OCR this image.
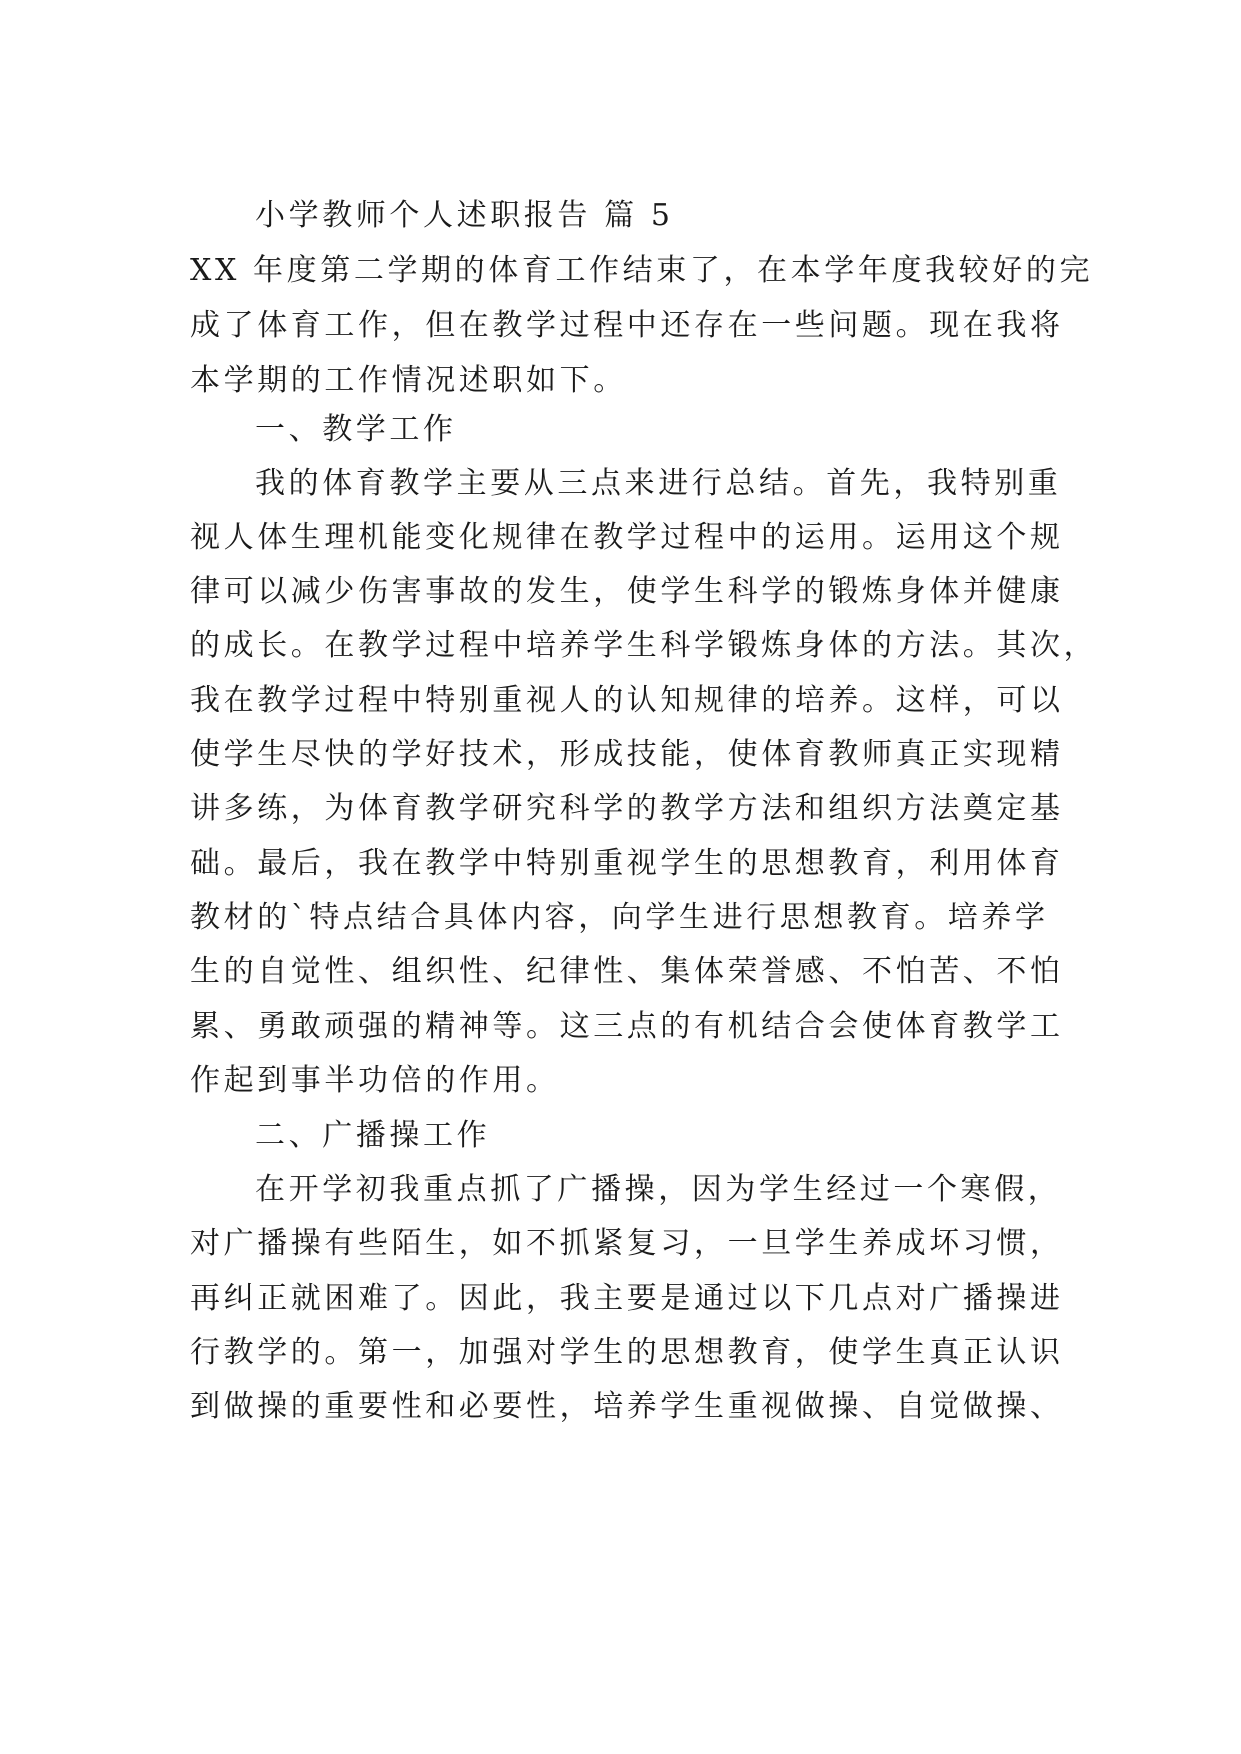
小学教师个人述职报告 篇 5
XX 年度第二学期的体育工作结束了，在本学年度我较好的完
成了体育工作，但在教学过程中还存在一些问题。现在我将
本学期的工作情况述职如下。
一、教学工作
我的体育教学主要从三点来进行总结。首先，我特别重
视人体生理机能变化规律在教学过程中的运用。运用这个规
律可以减少伤害事故的发生，使学生科学的锻炼身体并健康
的成长。在教学过程中培养学生科学锻炼身体的方法。其次，
我在教学过程中特别重视人的认知规律的培养。这样，可以
使学生尽快的学好技术，形成技能，使体育教师真正实现精
讲多练，为体育教学研究科学的教学方法和组织方法奠定基
础。最后，我在教学中特别重视学生的思想教育，利用体育
教材的`特点结合具体内容，向学生进行思想教育。培养学
生的自觉性、组织性、纪律性、集体荣誉感、不怕苦、不怕
累、勇敢顽强的精神等。这三点的有机结合会使体育教学工
作起到事半功倍的作用。
二、广播操工作
在开学初我重点抓了广播操，因为学生经过一个寒假，
对广播操有些陌生，如不抓紧复习，一旦学生养成坏习惯，
再纠正就困难了。因此，我主要是通过以下几点对广播操进
行教学的。第一，加强对学生的思想教育，使学生真正认识
到做操的重要性和必要性，培养学生重视做操、自觉做操、
